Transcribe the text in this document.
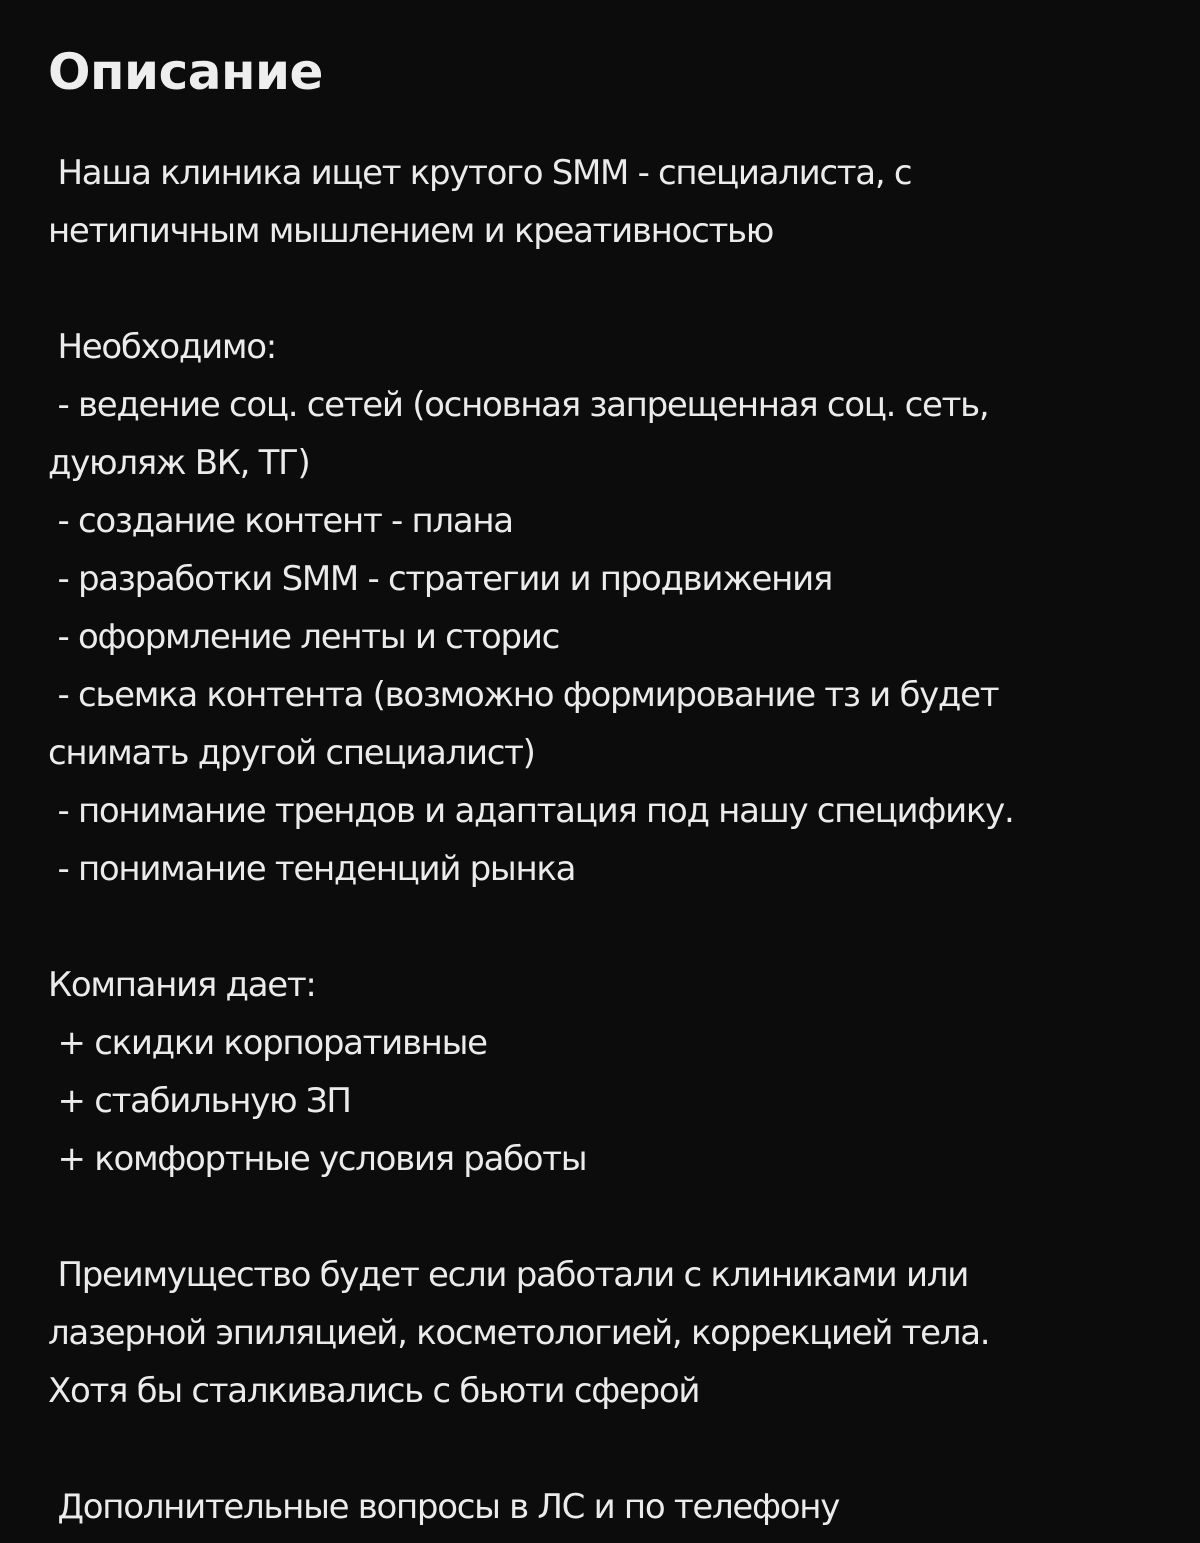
Описание
Наша клиника ищет крутого SMM - специалиста, с
нетипичным мышлением и креативностью
Необходимо:
- ведение соц. сетей (основная запрещенная соц. сеть,
дуюляж ВК, ТГ)
- создание контент - плана
- разработки SMM - стратегии и продвижения
- оформление ленты и сторис
- сьемка контента (возможно формирование тз и будет
снимать другой специалист)
- понимание трендов и адаптация под нашу специфику.
- понимание тенденций рынка
Компания дает:
+ скидки корпоративные
+ стабильную ЗП
+ комфортные условия работы
Преимущество будет если работали с клиниками или
лазерной эпиляцией, косметологией, коррекцией тела.
Хотя бы сталкивались с бьюти сферой
Дополнительные вопросы в ЛС и по телефону
